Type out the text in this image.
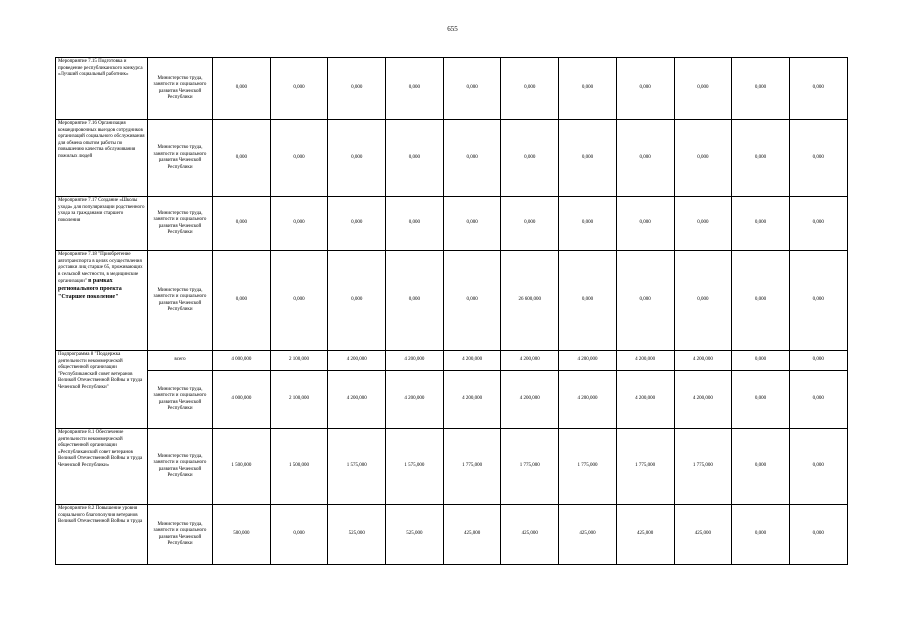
655
Мероприятие 7.15 Подготовка и проведение республиканского конкурса «Лучший социальный работник»	Министерство труда, занятости и социального развития Чеченской Республики	0,000	0,000	0,000	0,000	0,000	0,000	0,000	0,000	0,000	0,000	0,000
Мероприятие 7.16 Организация командировочных выездов сотрудников организаций социального обслуживания для обмена опытом работы по повышению качества обслуживания пожилых людей	Министерство труда, занятости и социального развития Чеченской Республики	0,000	0,000	0,000	0,000	0,000	0,000	0,000	0,000	0,000	0,000	0,000
Мероприятие 7.17 Создание «Школы ухода» для популяризации родственного ухода за гражданами старшего поколения	Министерство труда, занятости и социального развития Чеченской Республики	0,000	0,000	0,000	0,000	0,000	0,000	0,000	0,000	0,000	0,000	0,000
Мероприятие 7.18 "Приобретение автотранспорта в целях осуществления доставки лиц старше 65, проживающих в сельской местности, в медицинские организации" в рамках регионального проекта "Старшее поколение"	Министерство труда, занятости и социального развития Чеченской Республики	0,000	0,000	0,000	0,000	0,000	26 600,000	0,000	0,000	0,000	0,000	0,000
Подпрограмма 8 "Поддержка деятельности некоммерческой общественной организации "Республиканский совет ветеранов Великой Отечественной Войны и труда Чеченской Республики"	всего	4 000,000	2 100,000	4 200,000	4 200,000	4 200,000	4 200,000	4 200,000	4 200,000	4 200,000	0,000	0,000
	Министерство труда, занятости и социального развития Чеченской Республики	4 000,000	2 100,000	4 200,000	4 200,000	4 200,000	4 200,000	4 200,000	4 200,000	4 200,000	0,000	0,000
Мероприятие 8.1 Обеспечение деятельности некоммерческой общественной организации «Республиканский совет ветеранов Великой Отечественной Войны и труда Чеченской Республики»	Министерство труда, занятости и социального развития Чеченской Республики	1 500,000	1 500,000	1 575,000	1 575,000	1 775,000	1 775,000	1 775,000	1 775,000	1 775,000	0,000	0,000
Мероприятие 8.2 Повышение уровня социального благополучия ветеранов Великой Отечественной Войны и труда	Министерство труда, занятости и социального развития Чеченской Республики	500,000	0,000	525,000	525,000	425,000	425,000	425,000	425,000	425,000	0,000	0,000
